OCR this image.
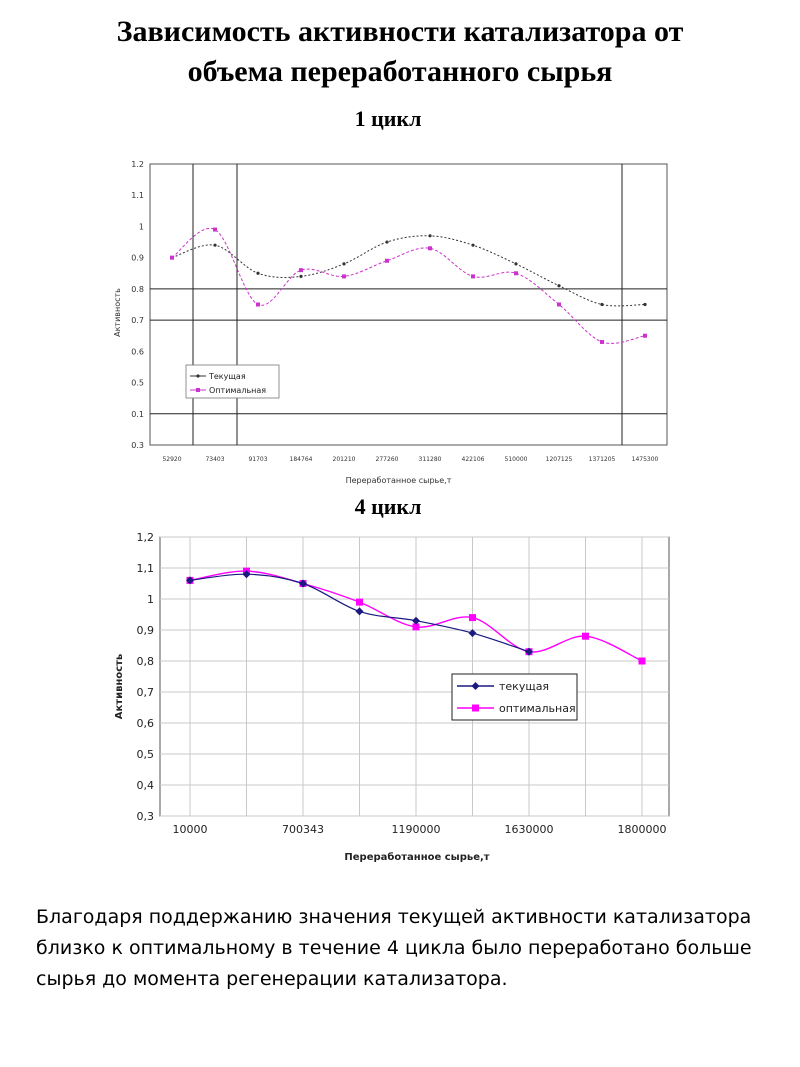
Зависимость активности катализатора от
объема переработанного сырья
1 цикл
0.3
0.1
0.5
0.6
0.7
0.8
0.9
1
1.1
1.2
52920	73403	91703	184764	201210	277260	311280	422106	510000	1207125	1371205	1475300
Переработанное сырье,т
Активность
Текущая
Оптимальная
4 цикл
0,3
0,4
0,5
0,6
0,7
0,8
0,9
1
1,1
1,2
10000	700343	1190000	1630000	1800000
Переработанное сырье,т
Активность	текущая
оптимальная
Благодаря поддержанию значения текущей активности катализатора близко к оптимальному в течение 4 цикла было переработано больше сырья до момента регенерации катализатора.
